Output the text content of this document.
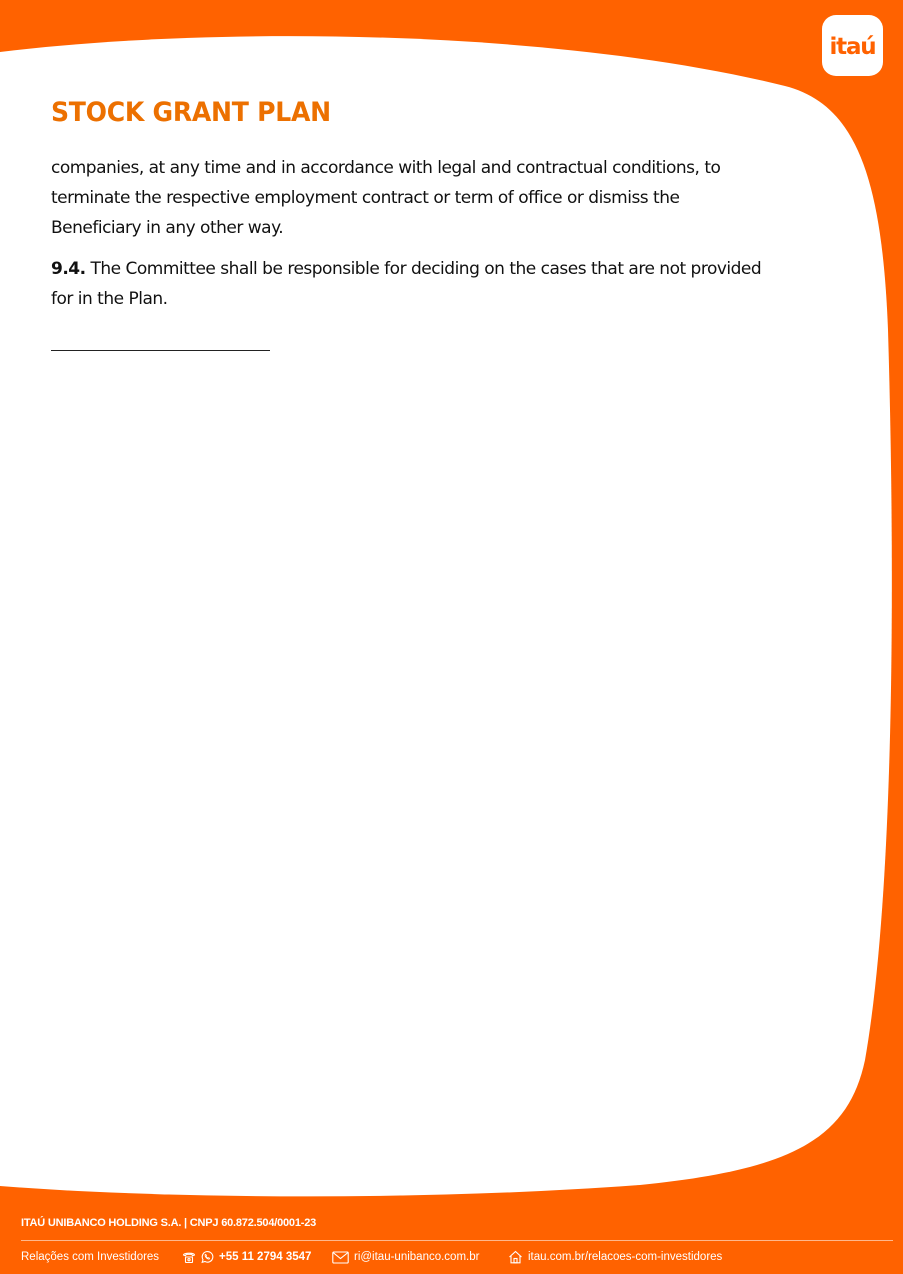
itaú
STOCK GRANT PLAN

companies, at any time and in accordance with legal and contractual conditions, to terminate the respective employment contract or term of office or dismiss the Beneficiary in any other way.

9.4. The Committee shall be responsible for deciding on the cases that are not provided for in the Plan.

ITAÚ UNIBANCO HOLDING S.A. | CNPJ 60.872.504/0001-23
Relações com Investidores	+55 11 2794 3547	ri@itau-unibanco.com.br	itau.com.br/relacoes-com-investidores
